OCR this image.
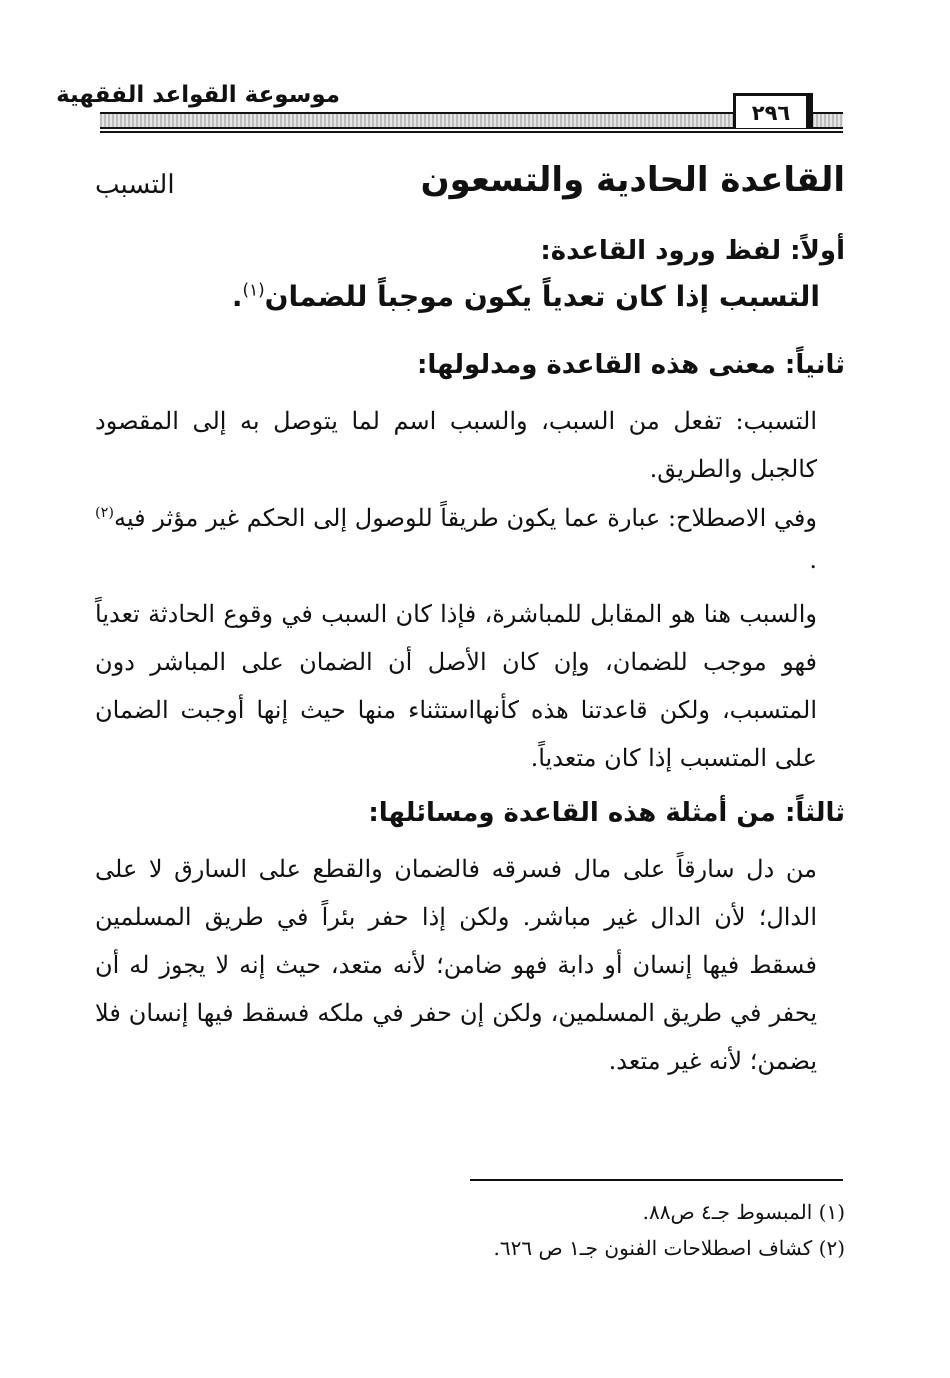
موسوعة القواعد الفقهية
٢٩٦
القاعدة الحادية والتسعون
التسبب
أولاً: لفظ ورود القاعدة:
التسبب إذا كان تعدياً يكون موجباً للضمان$^{(١)}$.
ثانياً: معنى هذه القاعدة ومدلولها:
التسبب: تفعل من السبب، والسبب اسم لما يتوصل به إلى المقصود كالجبل والطريق.
وفي الاصطلاح: عبارة عما يكون طريقاً للوصول إلى الحكم غير مؤثر فيه$^{(٢)}$ .
والسبب هنا هو المقابل للمباشرة، فإذا كان السبب في وقوع الحادثة تعدياً فهو موجب للضمان، وإن كان الأصل أن الضمان على المباشر دون المتسبب، ولكن قاعدتنا هذه كأنهااستثناء منها حيث إنها أوجبت الضمان على المتسبب إذا كان متعدياً.
ثالثاً: من أمثلة هذه القاعدة ومسائلها:
من دل سارقاً على مال فسرقه فالضمان والقطع على السارق لا على الدال؛ لأن الدال غير مباشر. ولكن إذا حفر بئراً في طريق المسلمين فسقط فيها إنسان أو دابة فهو ضامن؛ لأنه متعد، حيث إنه لا يجوز له أن يحفر في طريق المسلمين، ولكن إن حفر في ملكه فسقط فيها إنسان فلا يضمن؛ لأنه غير متعد.
(١) المبسوط جـ٤ ص٨٨.
(٢) كشاف اصطلاحات الفنون جـ١ ص ٦٢٦.
